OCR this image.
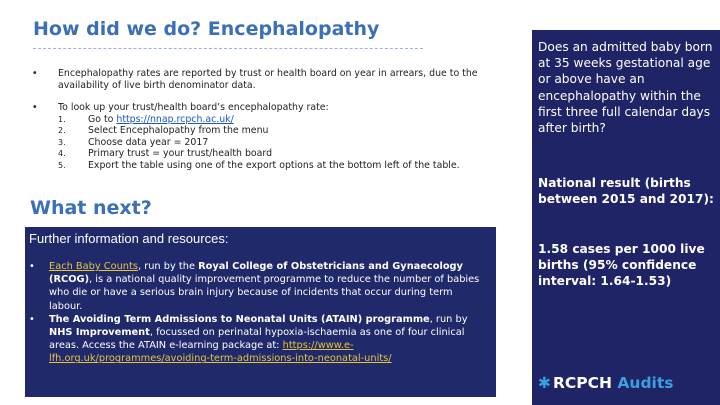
How did we do? Encephalopathy
• Encephalopathy rates are reported by trust or health board on year in arrears, due to the availability of live birth denominator data.
• To look up your trust/health board’s encephalopathy rate:
1. Go to https://nnap.rcpch.ac.uk/
2. Select Encephalopathy from the menu
3. Choose data year = 2017
4. Primary trust = your trust/health board
5. Export the table using one of the export options at the bottom left of the table.
What next?
Further information and resources:
• Each Baby Counts, run by the Royal College of Obstetricians and Gynaecology (RCOG), is a national quality improvement programme to reduce the number of babies who die or have a serious brain injury because of incidents that occur during term labour.
• The Avoiding Term Admissions to Neonatal Units (ATAIN) programme, run by NHS Improvement, focussed on perinatal hypoxia-ischaemia as one of four clinical areas. Access the ATAIN e-learning package at: https://www.e-lfh.org.uk/programmes/avoiding-term-admissions-into-neonatal-units/
Does an admitted baby born at 35 weeks gestational age or above have an encephalopathy within the first three full calendar days after birth?
National result (births between 2015 and 2017):
1.58 cases per 1000 live births (95% confidence interval: 1.64-1.53)
✱ RCPCH Audits
